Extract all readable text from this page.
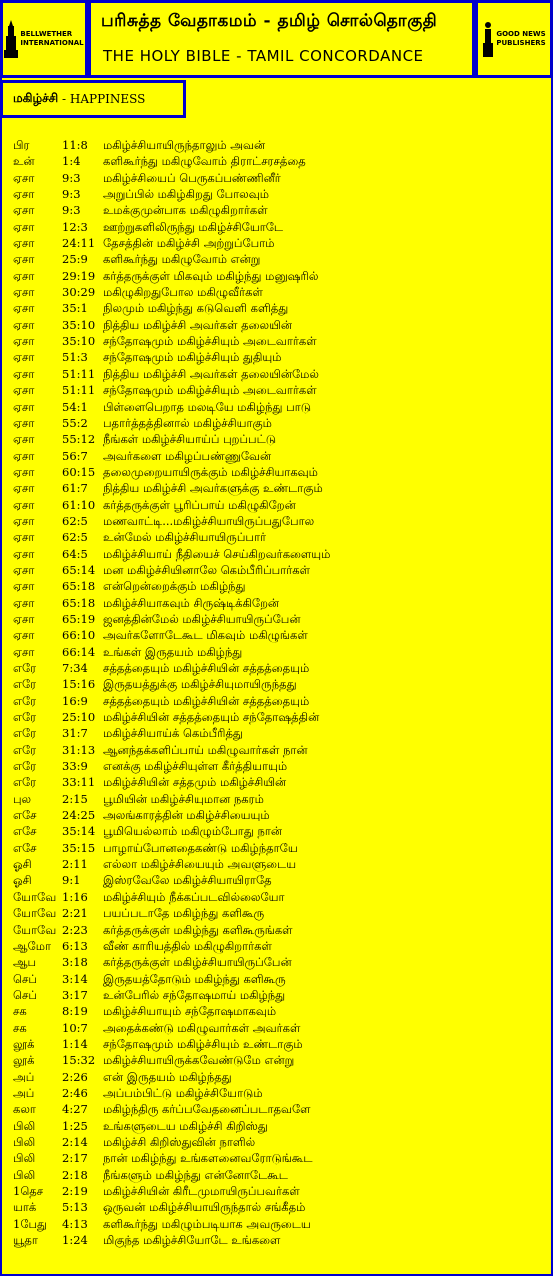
BELLWETHER
INTERNATIONAL
பரிசுத்த வேதாகமம் - தமிழ் சொல்தொகுதி
THE HOLY BIBLE - TAMIL CONCORDANCE
GOOD NEWS
PUBLISHERS
மகிழ்ச்சி - HAPPINESS
பிர	11:8 மகிழ்ச்சியாயிருந்தாலும் அவன்
உன் 1:4 களிகூர்ந்து மகிழுவோம் திராட்சரசத்தை
ஏசா 9:3 மகிழ்ச்சியைப் பெருகப்பண்ணினீர்
ஏசா 9:3 அறுப்பில் மகிழ்கிறது போலவும்
ஏசா 9:3 உமக்குமுன்பாக மகிழுகிறார்கள்
ஏசா 12:3 ஊற்றுகளிலிருந்து மகிழ்ச்சியோடே
ஏசா 24:11 தேசத்தின் மகிழ்ச்சி அற்றுப்போம்
ஏசா 25:9 களிகூர்ந்து மகிழுவோம் என்று
ஏசா 29:19 கர்த்தருக்குள் மிகவும் மகிழ்ந்து மனுஷரில்
ஏசா 30:29 மகிழுகிறதுபோல மகிழுவீர்கள்
ஏசா 35:1 நிலமும் மகிழ்ந்து கடுவெளி களித்து
ஏசா 35:10 நித்திய மகிழ்ச்சி அவர்கள் தலையின்
ஏசா 35:10 சந்தோஷமும் மகிழ்ச்சியும் அடைவார்கள்
ஏசா 51:3 சந்தோஷமும் மகிழ்ச்சியும் துதியும்
ஏசா 51:11 நித்திய மகிழ்ச்சி அவர்கள் தலையின்மேல்
ஏசா 51:11 சந்தோஷமும் மகிழ்ச்சியும் அடைவார்கள்
ஏசா 54:1 பிள்ளைபெறாத மலடியே மகிழ்ந்து பாடு
ஏசா 55:2 பதார்த்தத்தினால் மகிழ்ச்சியாகும்
ஏசா 55:12 நீங்கள் மகிழ்ச்சியாய்ப் புறப்பட்டு
ஏசா 56:7 அவர்களை மகிழப்பண்ணுவேன்
ஏசா 60:15 தலைமுறையாயிருக்கும் மகிழ்ச்சியாகவும்
ஏசா 61:7 நித்திய மகிழ்ச்சி அவர்களுக்கு உண்டாகும்
ஏசா 61:10 கர்த்தருக்குள் பூரிப்பாய் மகிழுகிறேன்
ஏசா 62:5 மணவாட்டி...மகிழ்ச்சியாயிருப்பதுபோல
ஏசா 62:5 உன்மேல் மகிழ்ச்சியாயிருப்பார்
ஏசா 64:5 மகிழ்ச்சியாய் நீதியைச் செய்கிறவர்களையும்
ஏசா 65:14 மன மகிழ்ச்சியினாலே கெம்பீரிப்பார்கள்
ஏசா 65:18 என்றென்றைக்கும் மகிழ்ந்து
ஏசா 65:18 மகிழ்ச்சியாகவும் சிருஷ்டிக்கிறேன்
ஏசா 65:19 ஜனத்தின்மேல் மகிழ்ச்சியாயிருப்பேன்
ஏசா 66:10 அவர்களோடேகூட மிகவும் மகிழுங்கள்
ஏசா 66:14 உங்கள் இருதயம் மகிழ்ந்து
எரே 7:34 சத்தத்தையும் மகிழ்ச்சியின் சத்தத்தையும்
எரே 15:16 இருதயத்துக்கு மகிழ்ச்சியுமாயிருந்தது
எரே 16:9 சத்தத்தையும் மகிழ்ச்சியின் சத்தத்தையும்
எரே 25:10 மகிழ்ச்சியின் சத்தத்தையும் சந்தோஷத்தின்
எரே 31:7 மகிழ்ச்சியாய்க் கெம்பீரித்து
எரே 31:13 ஆனந்தக்களிப்பாய் மகிழுவார்கள் நான்
எரே 33:9 எனக்கு மகிழ்ச்சியுள்ள கீர்த்தியாயும்
எரே 33:11 மகிழ்ச்சியின் சத்தமும் மகிழ்ச்சியின்
புல	2:15 பூமியின் மகிழ்ச்சியுமான நகரம்
எசே 24:25 அலங்காரத்தின் மகிழ்ச்சியையும்
எசே 35:14 பூமியெல்லாம் மகிழும்போது நான்
எசே 35:15 பாழாய்போனதைகண்டு மகிழ்ந்தாயே
ஓசி	2:11 எல்லா மகிழ்ச்சியையும் அவளுடைய
ஓசி	9:1 இஸ்ரவேலே மகிழ்ச்சியாயிராதே
யோவே 1:16 மகிழ்ச்சியும் நீக்கப்படவில்லையோ
யோவே 2:21 பயப்படாதே மகிழ்ந்து களிகூரு
யோவே 2:23 கர்த்தருக்குள் மகிழ்ந்து களிகூருங்கள்
ஆமோ 6:13 வீண் காரியத்தில் மகிழுகிறார்கள்
ஆப 3:18 கர்த்தருக்குள் மகிழ்ச்சியாயிருப்பேன்
செப் 3:14 இருதயத்தோடும் மகிழ்ந்து களிகூரு
செப் 3:17 உன்பேரில் சந்தோஷமாய் மகிழ்ந்து
சக	8:19 மகிழ்ச்சியாயும் சந்தோஷமாகவும்
சக	10:7 அதைக்கண்டு மகிழுவார்கள் அவர்கள்
லூக் 1:14 சந்தோஷமும் மகிழ்ச்சியும் உண்டாகும்
லூக் 15:32 மகிழ்ச்சியாயிருக்கவேண்டுமே என்று
அப் 2:26 என் இருதயம் மகிழ்ந்தது
அப் 2:46 அப்பம்பிட்டு மகிழ்ச்சியோடும்
கலா 4:27 மகிழ்ந்திரு கர்ப்பவேதனைப்படாதவளே
பிலி 1:25 உங்களுடைய மகிழ்ச்சி கிறிஸ்து
பிலி 2:14 மகிழ்ச்சி கிறிஸ்துவின் நாளில்
பிலி 2:17 நான் மகிழ்ந்து உங்களனைவரோடுங்கூட
பிலி 2:18 நீங்களும் மகிழ்ந்து என்னோடேகூட
1தெச 2:19 மகிழ்ச்சியின் கிரீடமுமாயிருப்பவர்கள்
யாக் 5:13 ஒருவன் மகிழ்ச்சியாயிருந்தால் சங்கீதம்
1பேது 4:13 களிகூர்ந்து மகிழும்படியாக அவருடைய
யூதா 1:24 மிகுந்த மகிழ்ச்சியோடே உங்களை
